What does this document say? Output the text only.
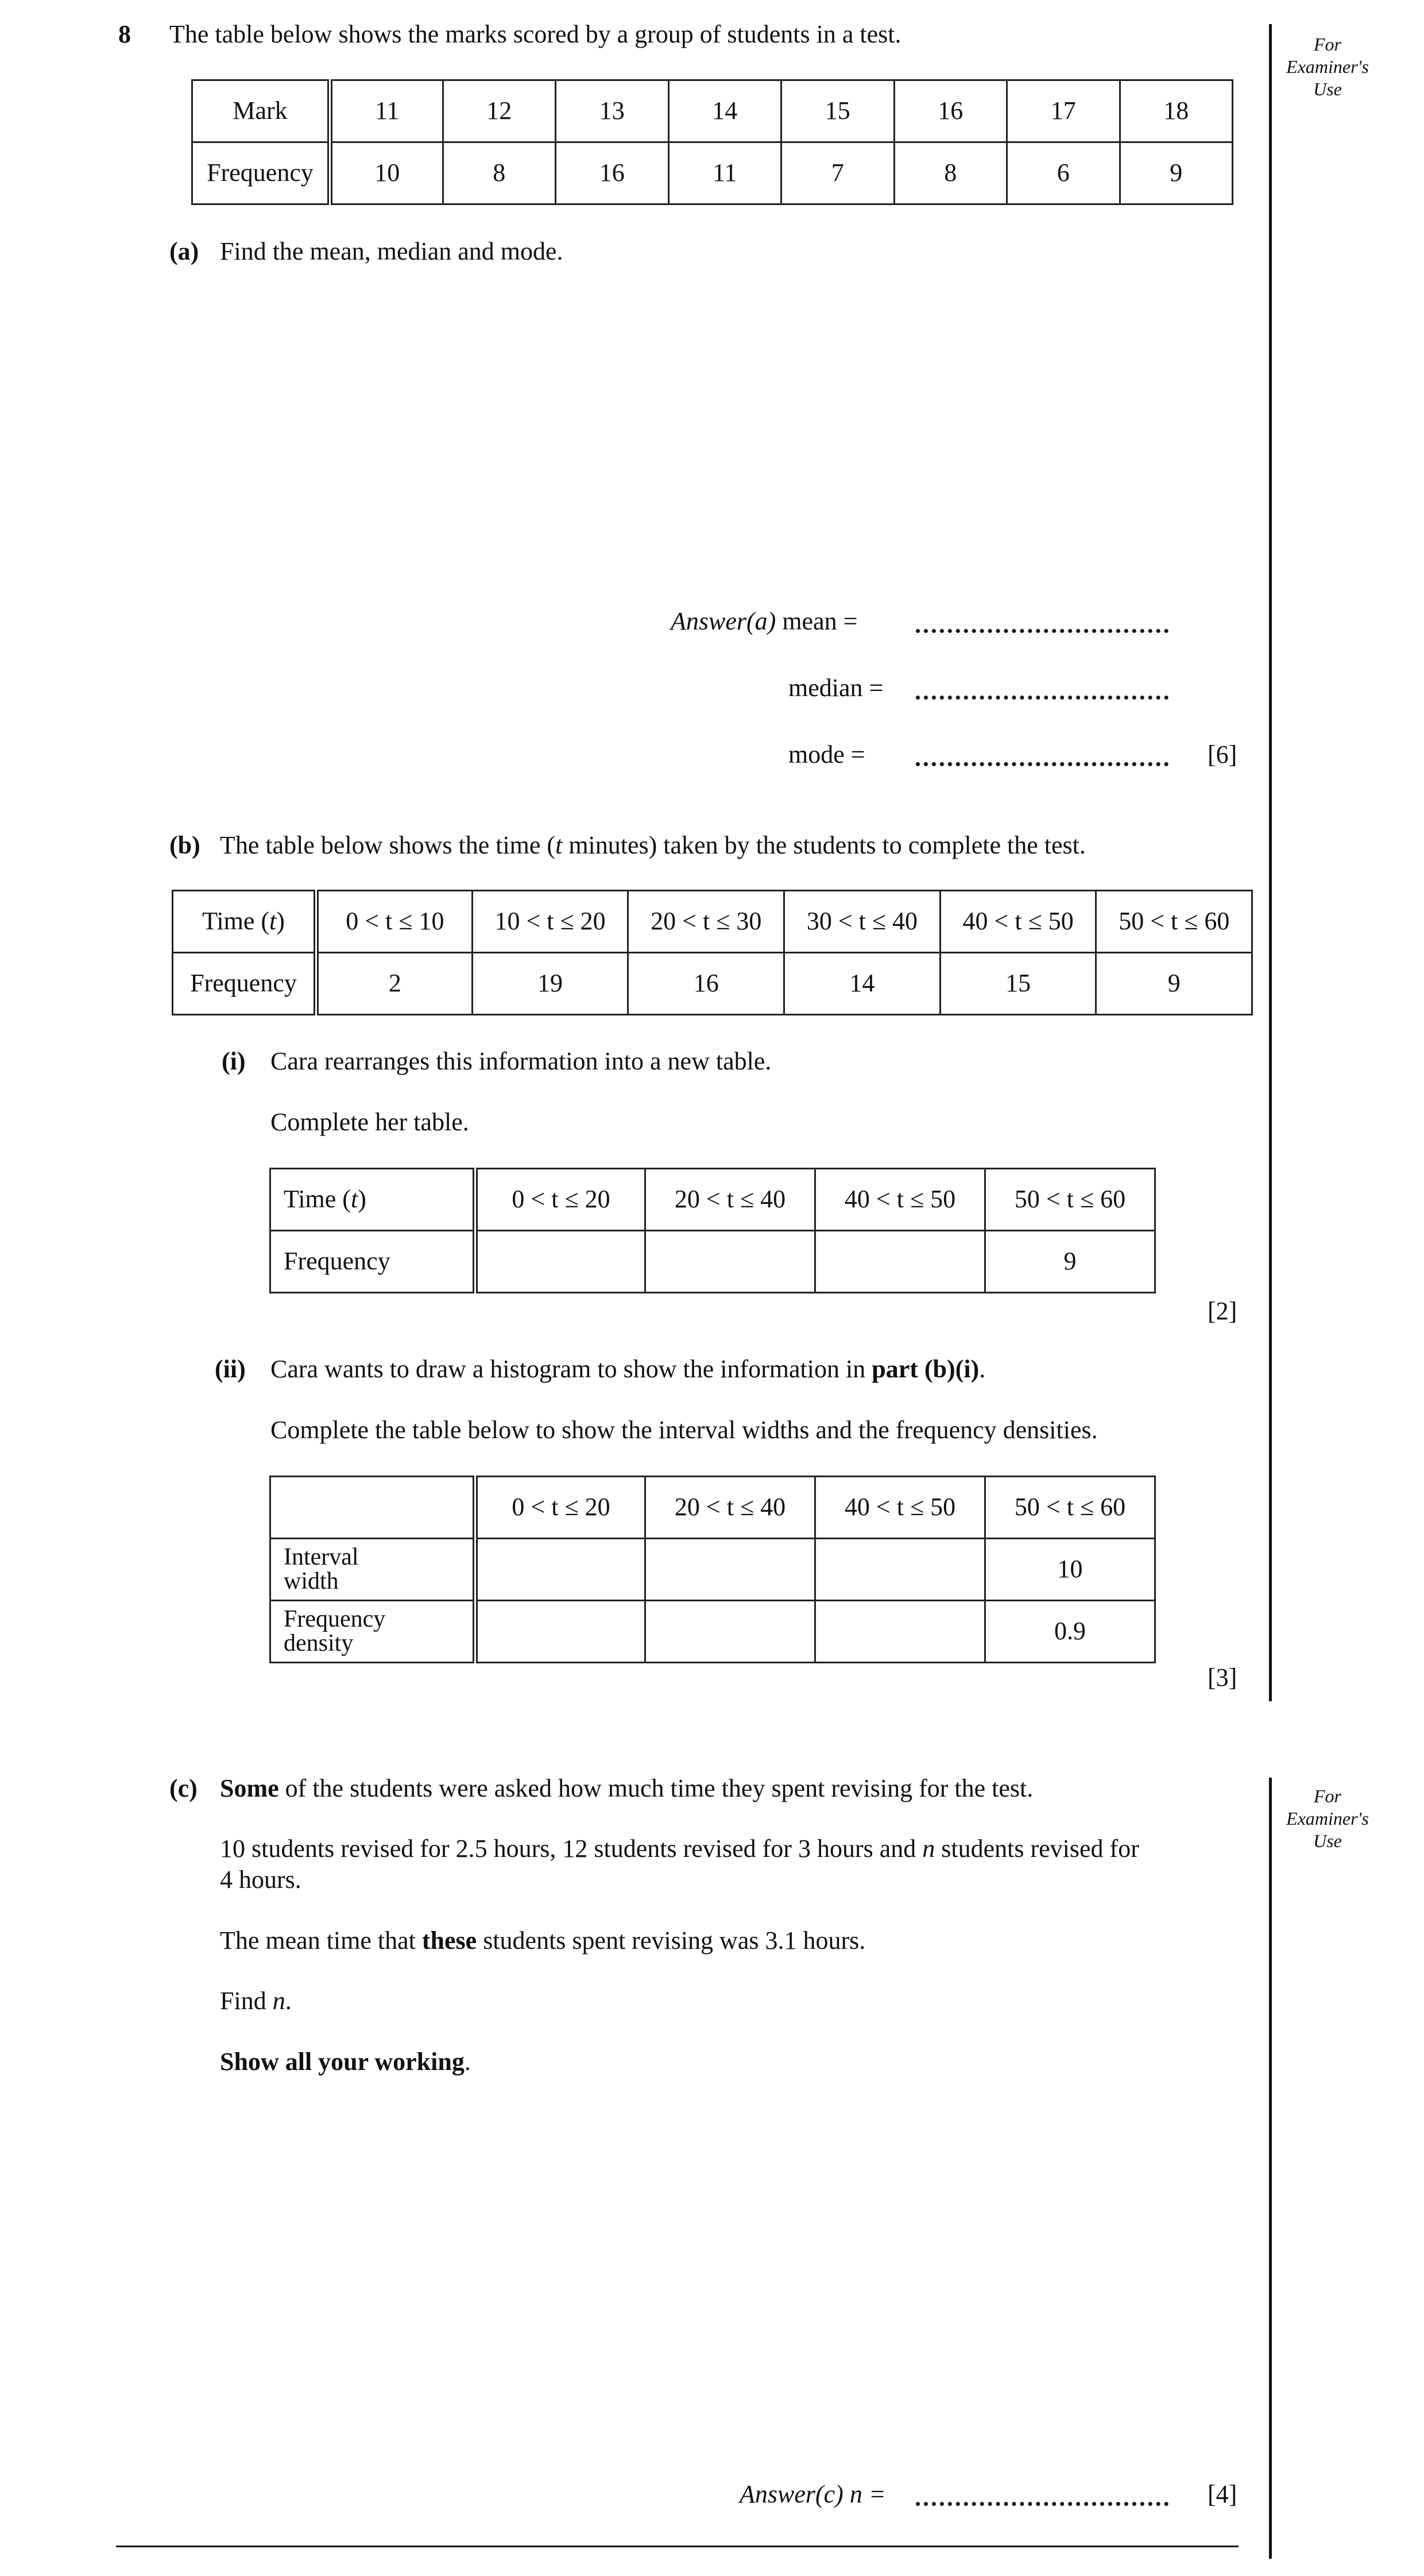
For
Examiner's
Use
For
Examiner's
Use
8 The table below shows the marks scored by a group of students in a test.
Mark	11	12	13	14	15	16	17	18
Frequency	10	8	16	11	7	8	6	9
(a) Find the mean, median and mode.
Answer(a) mean =
median =
mode =	[6]
(b) The table below shows the time (t minutes) taken by the students to complete the test.
Time (t)	0 < t ≤ 10	10 < t ≤ 20	20 < t ≤ 30	30 < t ≤ 40	40 < t ≤ 50	50 < t ≤ 60
Frequency	2	19	16	14	15	9
(i) Cara rearranges this information into a new table.
Complete her table.
Time (t)	0 < t ≤ 20	20 < t ≤ 40	40 < t ≤ 50	50 < t ≤ 60
Frequency				9
[2]
(ii) Cara wants to draw a histogram to show the information in part (b)(i).
Complete the table below to show the interval widths and the frequency densities.
	0 < t ≤ 20	20 < t ≤ 40	40 < t ≤ 50	50 < t ≤ 60

Interval
width				10

Frequency
density				0.9
[3]
(c) Some of the students were asked how much time they spent revising for the test.
10 students revised for 2.5 hours, 12 students revised for 3 hours and n students revised for
4 hours.
The mean time that these students spent revising was 3.1 hours.
Find n.
Show all your working.
Answer(c) n =	[4]
